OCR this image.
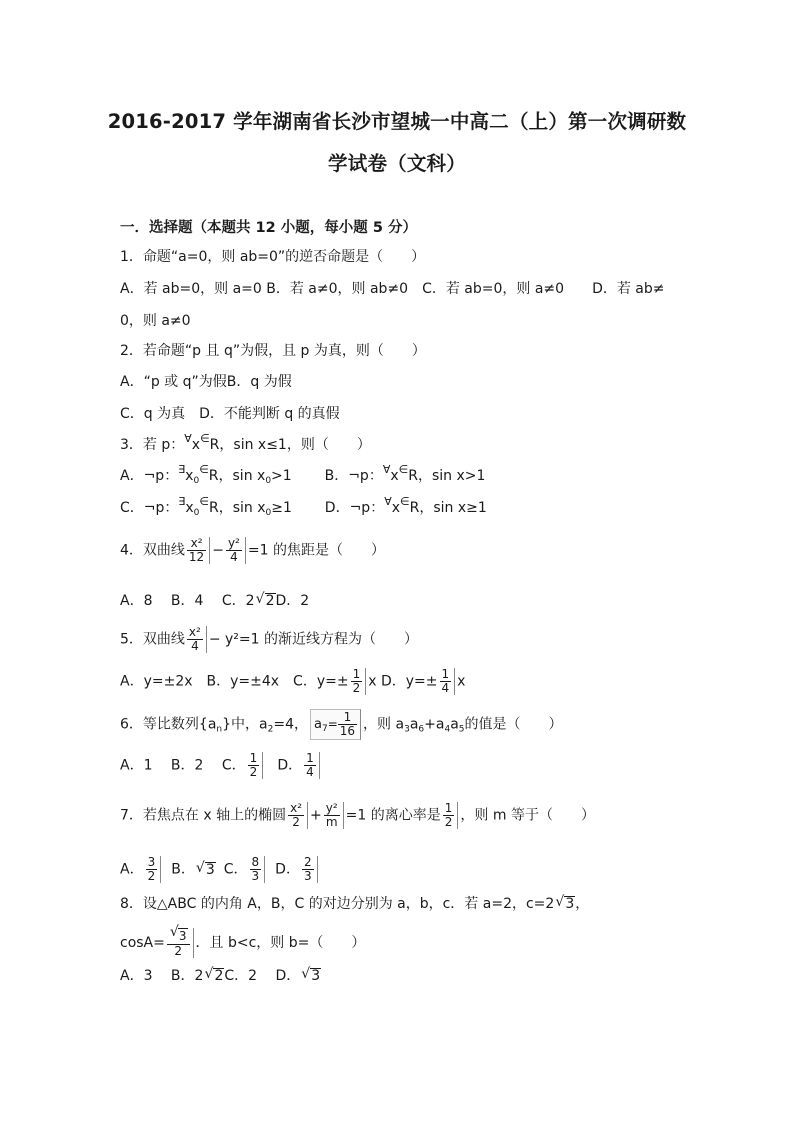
2016-2017 学年湖南省长沙市望城一中高二（上）第一次调研数
学试卷（文科）
一．选择题（本题共 12 小题，每小题 5 分）
1．命题“a=0，则 ab=0”的逆否命题是（　　）
A．若 ab=0，则 a=0 B．若 a≠0，则 ab≠0　C．若 ab=0，则 a≠0　　D．若 ab≠
0，则 a≠0
2．若命题“p 且 q”为假，且 p 为真，则（　　）
A．“p 或 q”为假B．q 为假
C．q 为真　D．不能判断 q 的真假
3．若 p：∀x∈R，sin x≤1，则（　　）
A．¬p：$^\exists x_0^\in R$，$\sin x_0>1$ B．¬p：∀x∈R，sin x>1
C．¬p：$^\exists x_0^\in R$，$\sin x_0\ge 1$ D．¬p：∀x∈R，sin x≥1
4．双曲线 $\frac{\text{x²}}{12} - \frac{\text{y²}}{4} =1$ 的焦距是（　　）
A．8　 B．4　 C．2 √ 2D．2
5．双曲线 $\frac{\text{x²}}{4} - y^2=1$ 的渐近线方程为（　　）
A．y=±2x　B．y=±4x　C．$y=\pm \frac{1}{2}$ x D．$y=\pm \frac{1}{4}$ x
6．等比数列$\{a_n\}$中，$a_2=4$， $a_7= \frac{1}{16}$ ，则 $a_3a_6+a_4a_5$的值是（　　）
A．1　 B．2　 C． $\frac{1}{2}$ D． $\frac{1}{4}$
7．若焦点在 x 轴上的椭圆 $\frac{\text{x²}}{2} + \frac{\text{y²}}{m} =1$ 的离心率是 $\frac{1}{2}$ ，则 m 等于（　　）
A． $\frac{3}{2}$ B． √ 3 C． $\frac{8}{3}$ D． $\frac{2}{3}$
8．设△ABC 的内角 A，B，C 的对边分别为 a，b，c．若 a=2，c=2 √ 3，
cosA= √ $\frac{3}{2}$ ．且 b<c，则 b=（　　）
A．3　 B．2 √ 2C．2　 D． √ 3
